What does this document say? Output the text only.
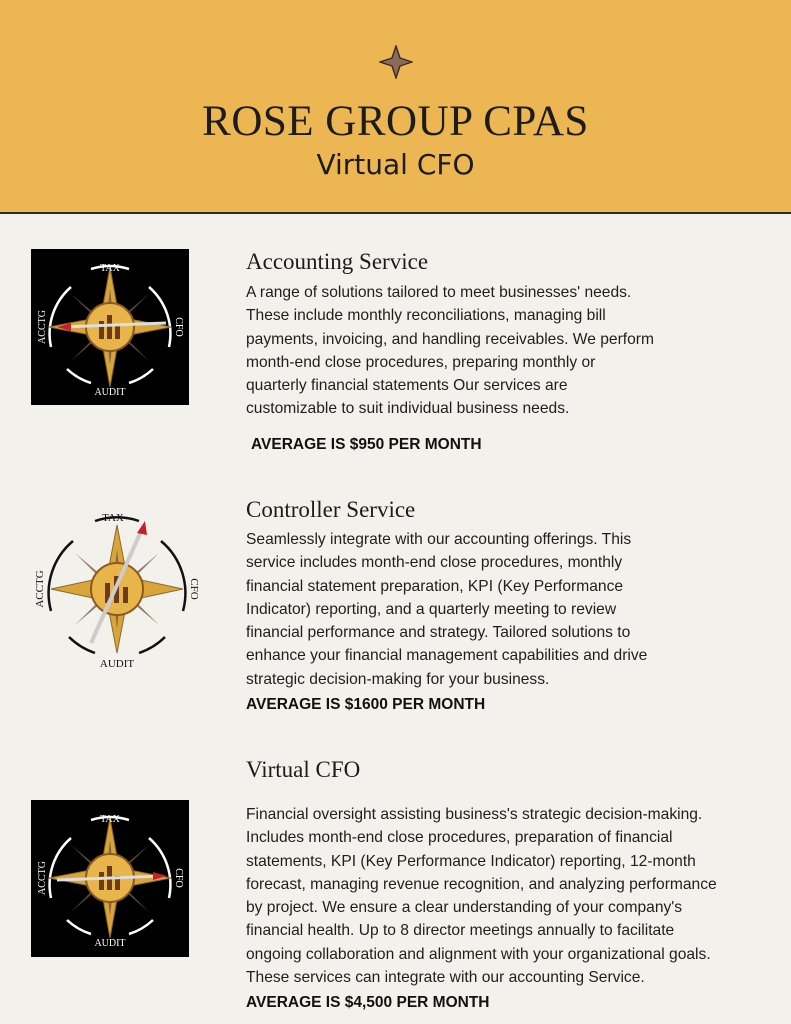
ROSE GROUP CPAS
Virtual CFO
TAX
AUDIT
ACCTG	CFO
Accounting Service
A range of solutions tailored to meet businesses' needs.
These include monthly reconciliations, managing bill
payments, invoicing, and handling receivables. We perform
month-end close procedures, preparing monthly or
quarterly financial statements Our services are
customizable to suit individual business needs.
AVERAGE IS $950 PER MONTH
TAX
AUDIT
ACCTG	CFO
Controller Service
Seamlessly integrate with our accounting offerings. This
service includes month-end close procedures, monthly
financial statement preparation, KPI (Key Performance
Indicator) reporting, and a quarterly meeting to review
financial performance and strategy. Tailored solutions to
enhance your financial management capabilities and drive
strategic decision-making for your business.
AVERAGE IS $1600 PER MONTH
Virtual CFO
TAX
AUDIT
ACCTG	CFO
Financial oversight assisting business's strategic decision-making.
Includes month-end close procedures, preparation of financial
statements, KPI (Key Performance Indicator) reporting, 12-month
forecast, managing revenue recognition, and analyzing performance
by project. We ensure a clear understanding of your company's
financial health. Up to 8 director meetings annually to facilitate
ongoing collaboration and alignment with your organizational goals.
These services can integrate with our accounting Service.
AVERAGE IS $4,500 PER MONTH
